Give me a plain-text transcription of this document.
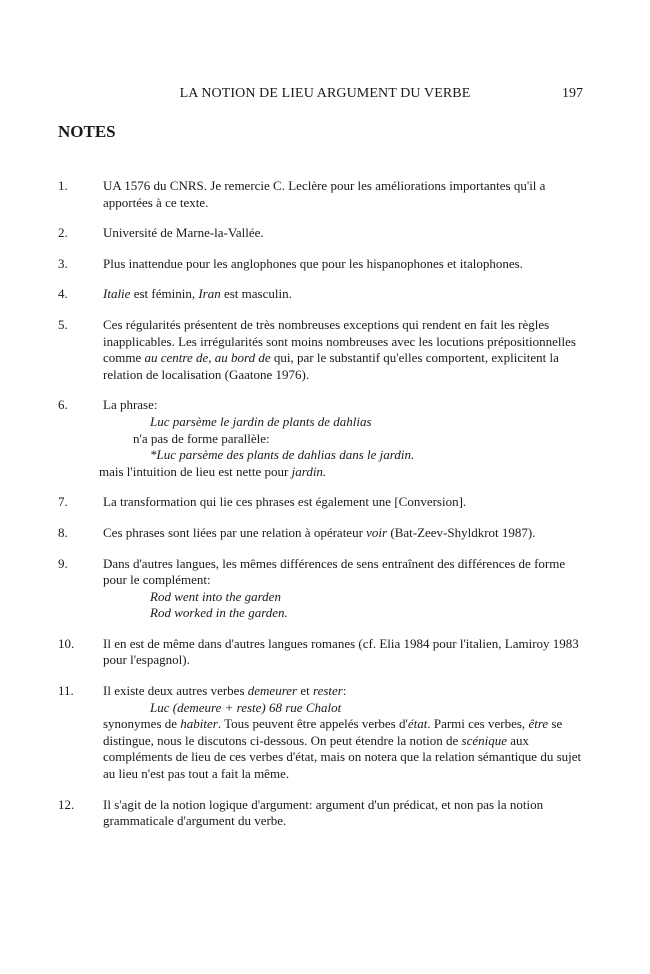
LA NOTION DE LIEU ARGUMENT DU VERBE	197
NOTES
1.	UA 1576 du CNRS. Je remercie C. Leclère pour les améliorations importantes qu'il a apportées à ce texte.
2.	Université de Marne-la-Vallée.
3.	Plus inattendue pour les anglophones que pour les hispanophones et italophones.
4.	Italie est féminin, Iran est masculin.
5.	Ces régularités présentent de très nombreuses exceptions qui rendent en fait les règles inapplicables. Les irrégularités sont moins nombreuses avec les locutions prépositionnelles comme au centre de, au bord de qui, par le substantif qu'elles comportent, explicitent la relation de localisation (Gaatone 1976).
6.	La phrase:
Luc parsème le jardin de plants de dahlias
n'a pas de forme parallèle:
*Luc parsème des plants de dahlias dans le jardin.
mais l'intuition de lieu est nette pour jardin.
7.	La transformation qui lie ces phrases est également une [Conversion].
8.	Ces phrases sont liées par une relation à opérateur voir (Bat-Zeev-Shyldkrot 1987).
9.	Dans d'autres langues, les mêmes différences de sens entraînent des différences de forme pour le complément:
Rod went into the garden
Rod worked in the garden.
10. Il en est de même dans d'autres langues romanes (cf. Elia 1984 pour l'italien, Lamiroy 1983 pour l'espagnol).
11. Il existe deux autres verbes demeurer et rester:
Luc (demeure + reste) 68 rue Chalot
synonymes de habiter. Tous peuvent être appelés verbes d'état. Parmi ces verbes, être se distingue, nous le discutons ci-dessous. On peut étendre la notion de scénique aux compléments de lieu de ces verbes d'état, mais on notera que la relation sémantique du sujet au lieu n'est pas tout a fait la même.
12. Il s'agit de la notion logique d'argument: argument d'un prédicat, et non pas la notion grammaticale d'argument du verbe.
